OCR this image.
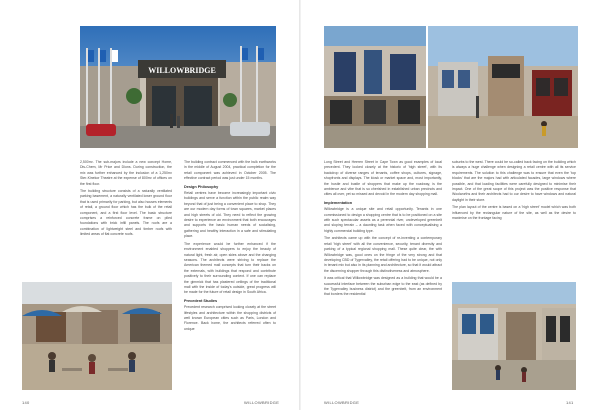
WILLOWBRIDGE

2,500m². The sub-majors include a new concept Home, Dis-Chem, Mr Price and Dions. During construction, the mix was further enhanced by the inclusion of a 1,250m² Ster-Kinekor Theatre at the expense of 800m² of offices on the first floor.

The building structure consists of a naturally ventilated parking basement, a naturally ventilated lower ground floor that is used primarily for parking, but also houses elements of retail, a ground floor which has the bulk of the retail component, and a first floor level. The basic structure comprises a reinforced concrete frame on piled foundations with brick infill panels. The roofs are a combination of lightweight steel and timber roofs with limited areas of flat concrete roofs.

The building contract commenced with the bulk earthworks in the middle of August 2004, practical completion for the retail component was achieved in October 2005. The effective contract period was just under 15 months.

Design Philosophy

Retail centres have become increasingly important civic buildings and serve a function within the public realm way beyond that of just being a convenient place to shop. They are our modern day forms of town squares, market places and high streets of old. They need to reflect the growing desire to experience an environment that both encourages and supports the basic human needs of socialising, gathering and healthy interaction in a safe and stimulating place.

The experience would be further enhanced if the environment enabled shoppers to enjoy the beauty of natural light, fresh air, open skies above and the changing seasons. The architects were striving to replace the American themed mall concepts that turn their backs on the externals, with buildings that respond and contribute positively to their surrounding context. If one can replace the gimmick that has plastered ceilings of the traditional mall with the inside of today's outside, great progress will be made for the future of retail design in South Africa.

Precedent Studies

Precedent research comprised looking closely at the street lifestyles and architecture within the shopping districts of well known European cities such as Paris, London and Florence. Back home, the architects referred often to unique

140	WILLOWBRIDGE

Long Street and Heeren Street in Cape Town as good examples of local precedent. They looked closely at the historic of 'high street', with its backdrop of diverse ranges of tenants, coffee shops, cultures, signage, shopfronts and displays. The kiosk or market space and, most importantly, the hustle and bustle of shoppers that make up the roadway, is the ambience and vibe that is so cherished in established urban precincts and cities all over, yet so missed and devoid in the modern day shopping mall.

Implementation

Willowbridge is a unique site and retail opportunity. Tenants in one commissioned to design a shopping centre that is to be positioned on a site with such spectacular assets as a perennial river, undeveloped greenbelt and sloping terrain – a daunting task when faced with conceptualising a highly commercial building type.

The architects came up with the concept of re-inventing a contemporary retail 'high street' with all the convenience, security, tenant diversity and parking of a typical regional shopping mall. These quite clear, the with Willowbridge was, good ones on the fringe of the very strong and that developing CBD of Tygervalley, the retail offering had to be unique, not only in tenant mix but also in its planning and architecture, so that it would attract the discerning shopper through this distinctiveness and atmosphere.

It was critical that Willowbridge was designed as a building that would be a successful interface between the suburban edge to the east (as defined by the Tygervalley business district) and the greenbelt, from an environment that borders the residential

suburbs to the west. There could be so-called back facing on the building which is always a huge challenge when designing a retail centre with all its service requirements. The solution to this challenge was to ensure that even the 'top blocks' that are the majors had with articulated facades, large windows where possible, and that loading facilities were carefully designed to minimise their impact. One of the great scope of this project was the positive response that Woolworths and their architects had to our desire to have windows and natural daylight in their store.

The plan layout of the centre is based on a 'high street' model which was both influenced by the rectangular nature of the site, as well as the desire to maximise on the frontage facing

WILLOWBRIDGE	141
